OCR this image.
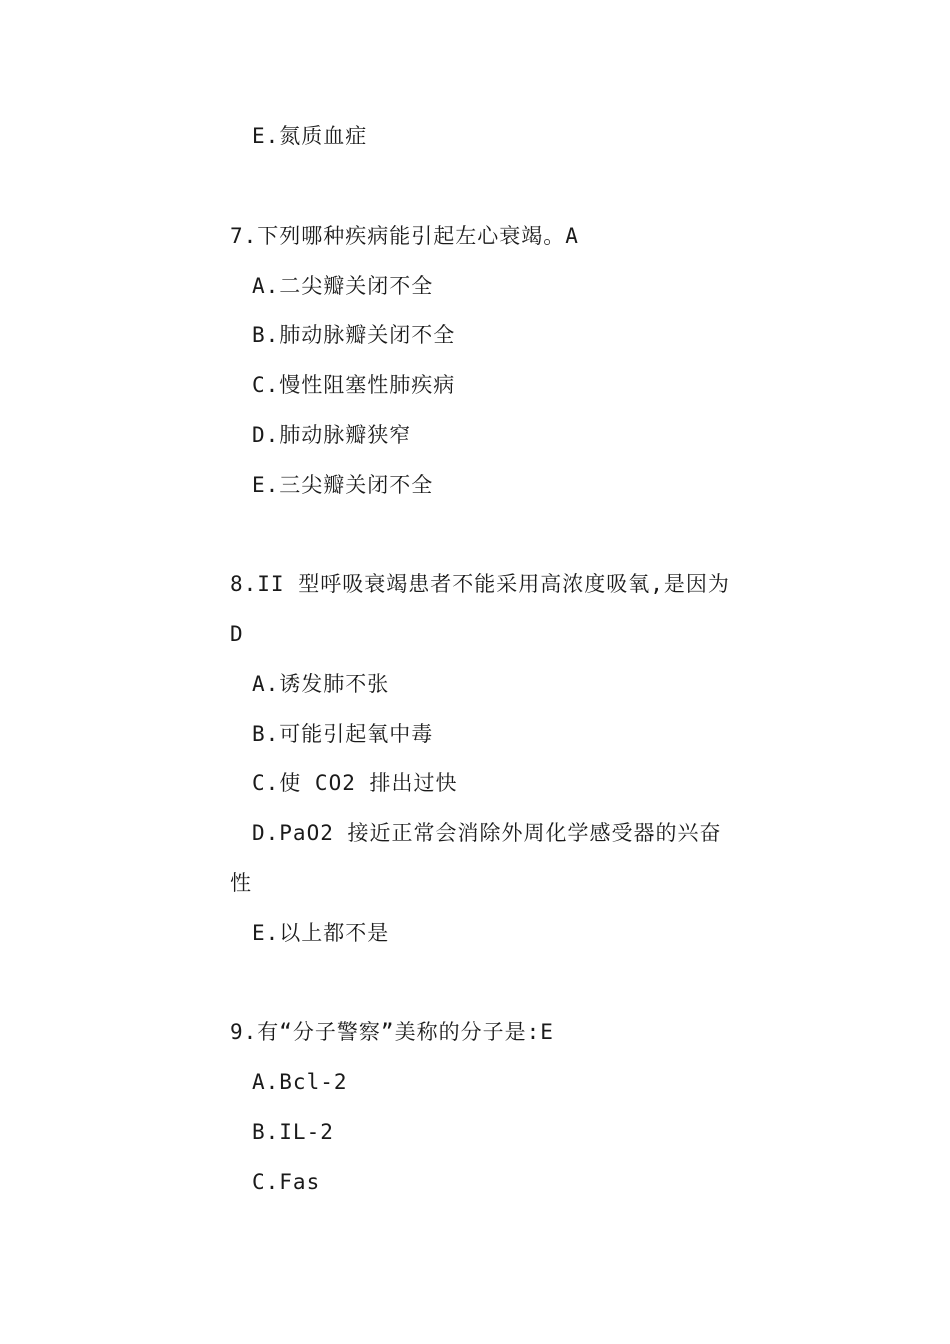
E.氮质血症
7.下列哪种疾病能引起左心衰竭。A
A.二尖瓣关闭不全
B.肺动脉瓣关闭不全
C.慢性阻塞性肺疾病
D.肺动脉瓣狭窄
E.三尖瓣关闭不全
8.II 型呼吸衰竭患者不能采用高浓度吸氧,是因为
D
A.诱发肺不张
B.可能引起氧中毒
C.使 CO2 排出过快
D.PaO2 接近正常会消除外周化学感受器的兴奋
性
E.以上都不是
9.有“分子警察”美称的分子是:E
A.Bcl-2
B.IL-2
C.Fas
